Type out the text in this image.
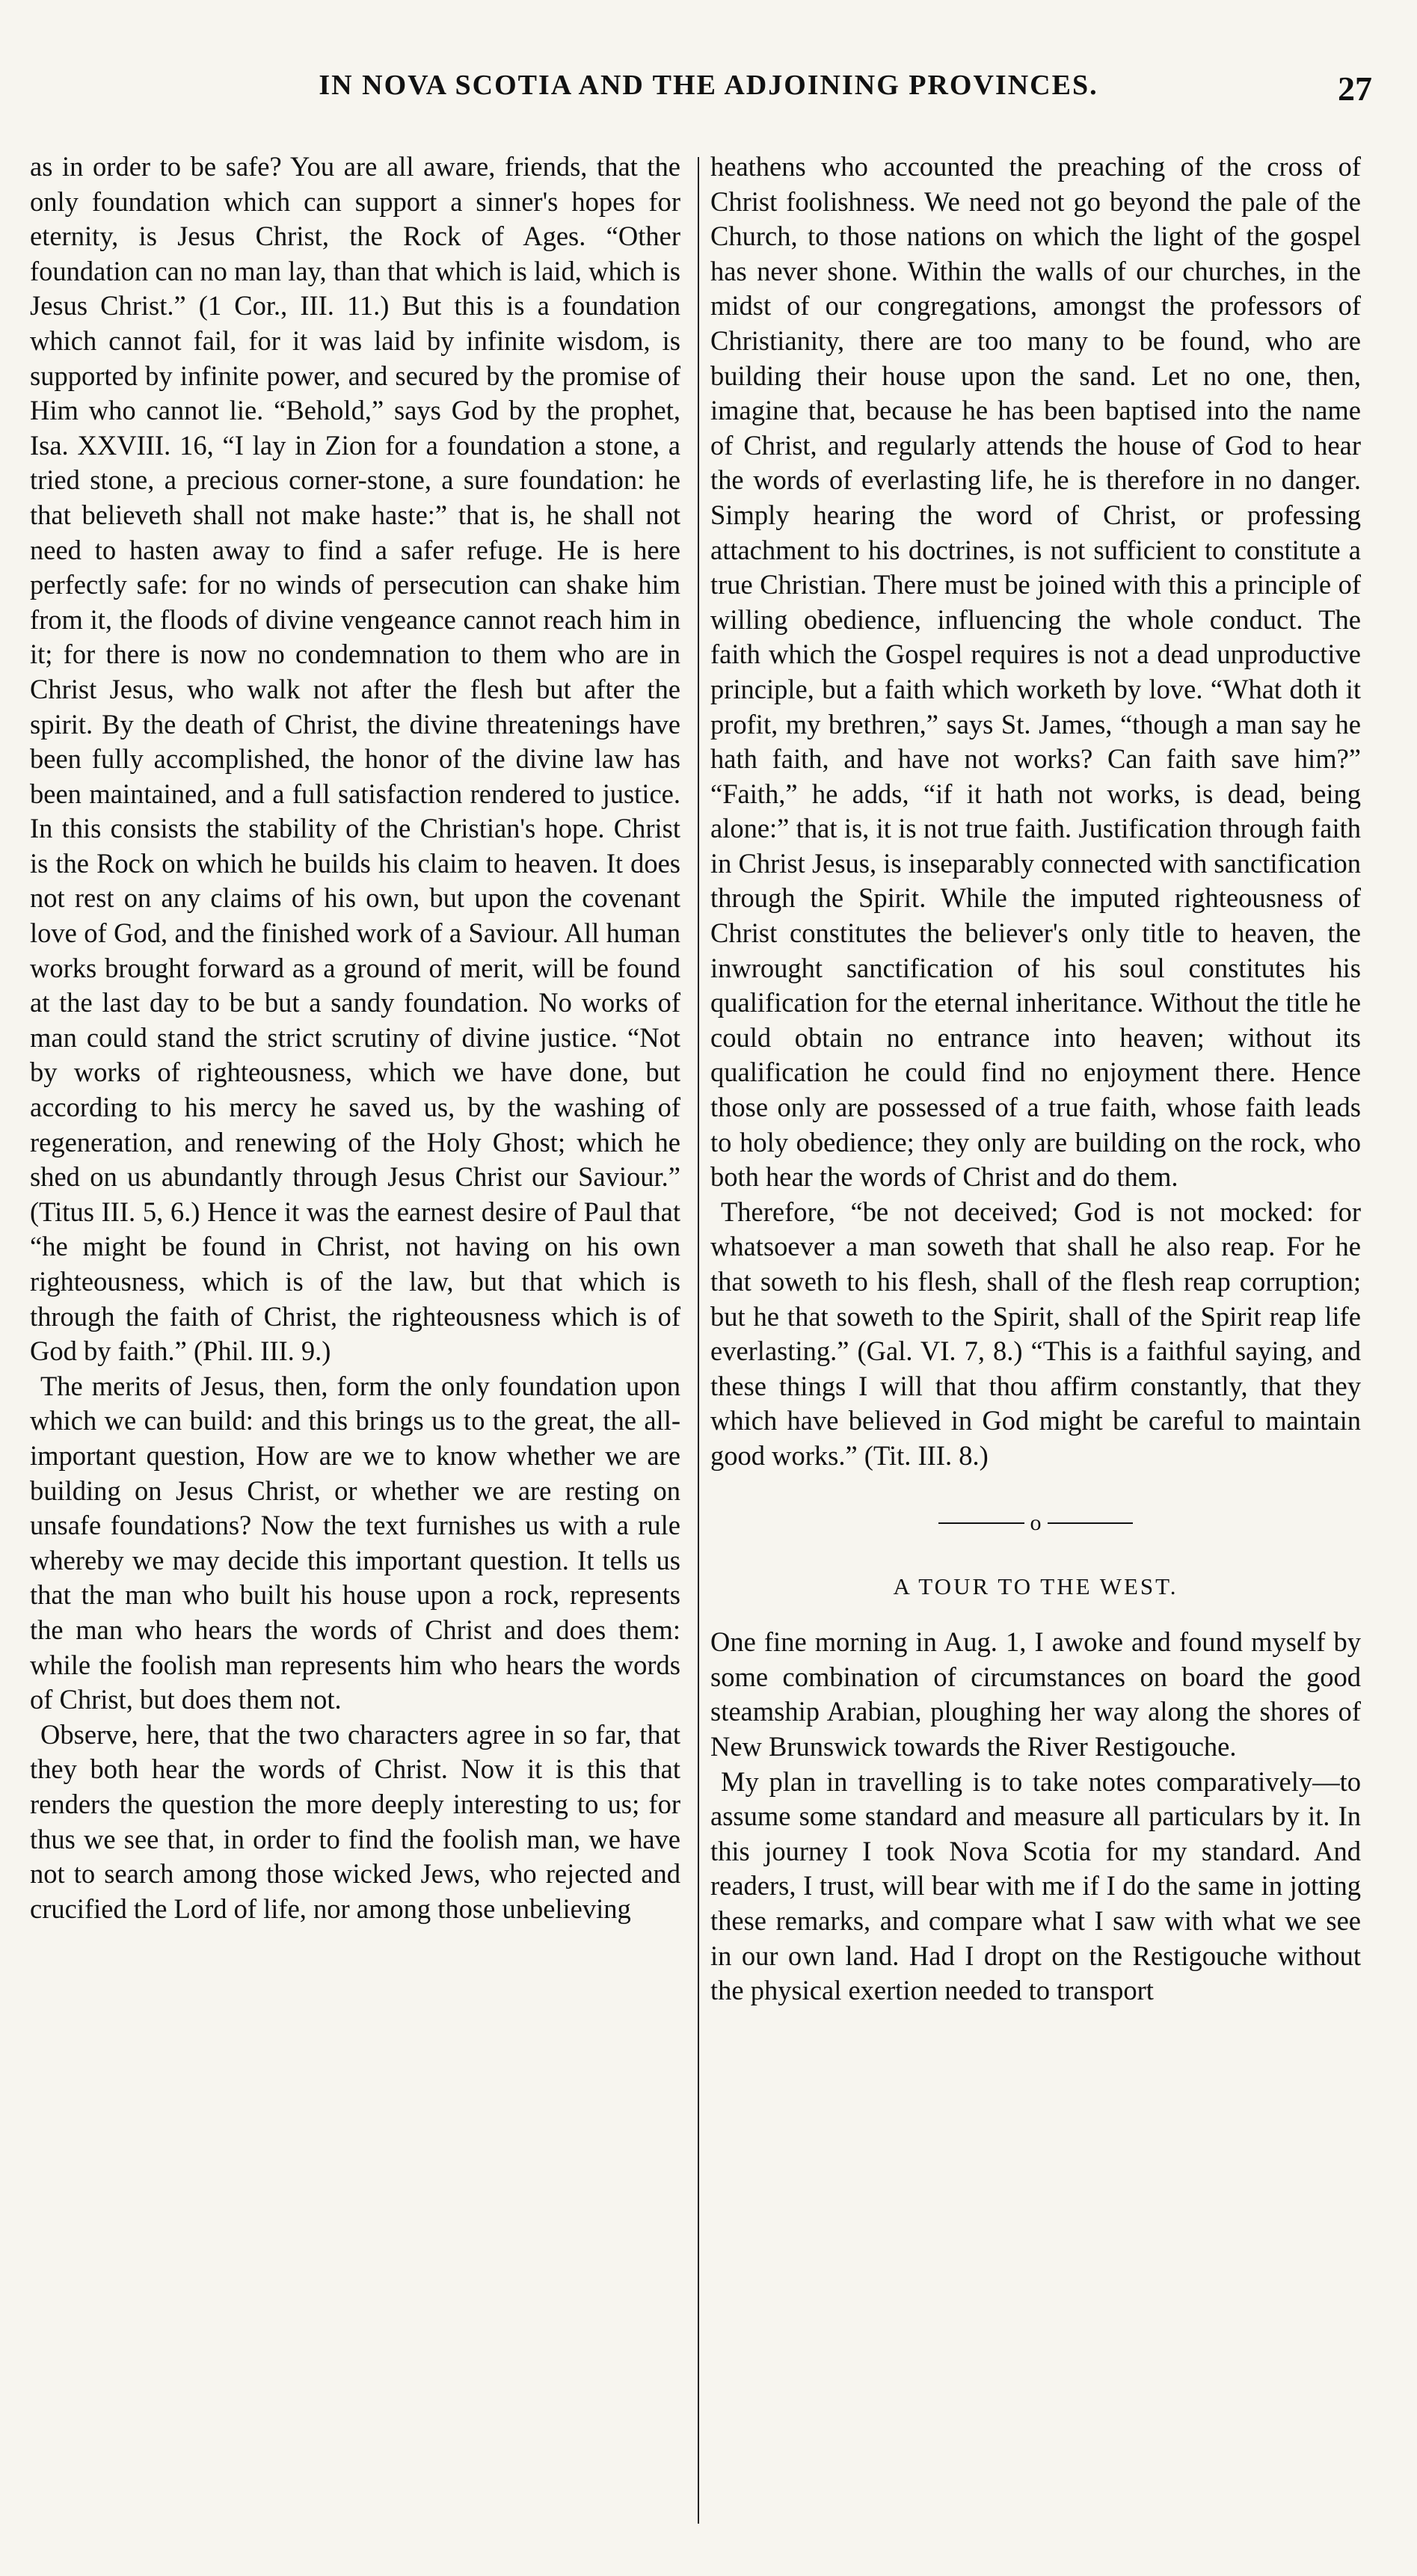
IN NOVA SCOTIA AND THE ADJOINING PROVINCES.	27

as in order to be safe? You are all aware, friends, that the only foundation which can support a sinner's hopes for eternity, is Jesus Christ, the Rock of Ages. “Other foundation can no man lay, than that which is laid, which is Jesus Christ.” (1 Cor., III. 11.) But this is a foundation which cannot fail, for it was laid by infinite wisdom, is supported by infinite power, and secured by the promise of Him who cannot lie. “Behold,” says God by the prophet, Isa. XXVIII. 16, “I lay in Zion for a foundation a stone, a tried stone, a precious corner-stone, a sure foundation: he that believeth shall not make haste:” that is, he shall not need to hasten away to find a safer refuge. He is here perfectly safe: for no winds of persecution can shake him from it, the floods of divine vengeance cannot reach him in it; for there is now no condemnation to them who are in Christ Jesus, who walk not after the flesh but after the spirit. By the death of Christ, the divine threatenings have been fully accomplished, the honor of the divine law has been maintained, and a full satisfaction rendered to justice. In this consists the stability of the Christian's hope. Christ is the Rock on which he builds his claim to heaven. It does not rest on any claims of his own, but upon the covenant love of God, and the finished work of a Saviour. All human works brought forward as a ground of merit, will be found at the last day to be but a sandy foundation. No works of man could stand the strict scrutiny of divine justice. “Not by works of righteousness, which we have done, but according to his mercy he saved us, by the washing of regeneration, and renewing of the Holy Ghost; which he shed on us abundantly through Jesus Christ our Saviour.” (Titus III. 5, 6.) Hence it was the earnest desire of Paul that “he might be found in Christ, not having on his own righteousness, which is of the law, but that which is through the faith of Christ, the righteousness which is of God by faith.” (Phil. III. 9.)

The merits of Jesus, then, form the only foundation upon which we can build: and this brings us to the great, the all-important question, How are we to know whether we are building on Jesus Christ, or whether we are resting on unsafe foundations? Now the text furnishes us with a rule whereby we may decide this important question. It tells us that the man who built his house upon a rock, represents the man who hears the words of Christ and does them: while the foolish man represents him who hears the words of Christ, but does them not.

Observe, here, that the two characters agree in so far, that they both hear the words of Christ. Now it is this that renders the question the more deeply interesting to us; for thus we see that, in order to find the foolish man, we have not to search among those wicked Jews, who rejected and crucified the Lord of life, nor among those unbelieving

heathens who accounted the preaching of the cross of Christ foolishness. We need not go beyond the pale of the Church, to those nations on which the light of the gospel has never shone. Within the walls of our churches, in the midst of our congregations, amongst the professors of Christianity, there are too many to be found, who are building their house upon the sand. Let no one, then, imagine that, because he has been baptised into the name of Christ, and regularly attends the house of God to hear the words of everlasting life, he is therefore in no danger. Simply hearing the word of Christ, or professing attachment to his doctrines, is not sufficient to constitute a true Christian. There must be joined with this a principle of willing obedience, influencing the whole conduct. The faith which the Gospel requires is not a dead unproductive principle, but a faith which worketh by love. “What doth it profit, my brethren,” says St. James, “though a man say he hath faith, and have not works? Can faith save him?” “Faith,” he adds, “if it hath not works, is dead, being alone:” that is, it is not true faith. Justification through faith in Christ Jesus, is inseparably connected with sanctification through the Spirit. While the imputed righteousness of Christ constitutes the believer's only title to heaven, the inwrought sanctification of his soul constitutes his qualification for the eternal inheritance. Without the title he could obtain no entrance into heaven; without its qualification he could find no enjoyment there. Hence those only are possessed of a true faith, whose faith leads to holy obedience; they only are building on the rock, who both hear the words of Christ and do them.

Therefore, “be not deceived; God is not mocked: for whatsoever a man soweth that shall he also reap. For he that soweth to his flesh, shall of the flesh reap corruption; but he that soweth to the Spirit, shall of the Spirit reap life everlasting.” (Gal. VI. 7, 8.) “This is a faithful saying, and these things I will that thou affirm constantly, that they which have believed in God might be careful to maintain good works.” (Tit. III. 8.)

o
A TOUR TO THE WEST.

One fine morning in Aug. 1, I awoke and found myself by some combination of circumstances on board the good steamship Arabian, ploughing her way along the shores of New Brunswick towards the River Restigouche.

My plan in travelling is to take notes comparatively—to assume some standard and measure all particulars by it. In this journey I took Nova Scotia for my standard. And readers, I trust, will bear with me if I do the same in jotting these remarks, and compare what I saw with what we see in our own land. Had I dropt on the Restigouche without the physical exertion needed to transport
